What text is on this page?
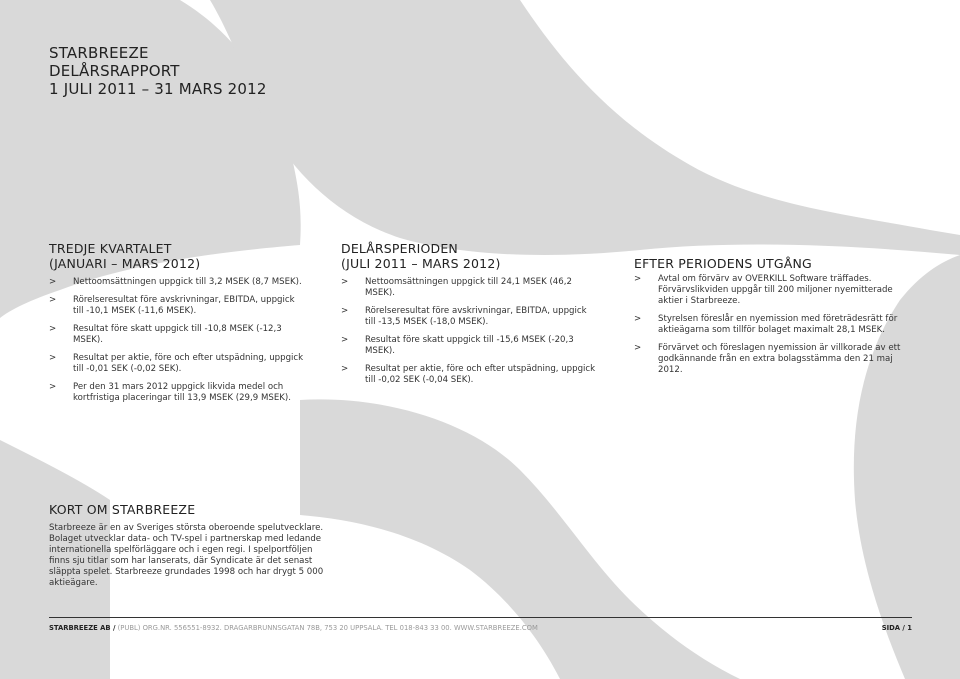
STARBREEZE
DELÅRSRAPPORT
1 JULI 2011 – 31 MARS 2012
TREDJE KVARTALET
(JANUARI – MARS 2012)
> Nettoomsättningen uppgick till 3,2 MSEK (8,7 MSEK).
> Rörelseresultat före avskrivningar, EBITDA, uppgick
till -10,1 MSEK (-11,6 MSEK).
> Resultat före skatt uppgick till -10,8 MSEK (-12,3 MSEK).
> Resultat per aktie, före och efter utspädning, uppgick
till -0,01 SEK (-0,02 SEK).
> Per den 31 mars 2012 uppgick likvida medel och
kortfristiga placeringar till 13,9 MSEK (29,9 MSEK).
DELÅRSPERIODEN
(JULI 2011 – MARS 2012)
> Nettoomsättningen uppgick till 24,1 MSEK (46,2 MSEK).
> Rörelseresultat före avskrivningar, EBITDA, uppgick
till -13,5 MSEK (-18,0 MSEK).
> Resultat före skatt uppgick till -15,6 MSEK (-20,3 MSEK).
> Resultat per aktie, före och efter utspädning, uppgick
till -0,02 SEK (-0,04 SEK).

EFTER PERIODENS UTGÅNG
> Avtal om förvärv av OVERKILL Software träffades.
Förvärvslikviden uppgår till 200 miljoner nyemitterade
aktier i Starbreeze.
> Styrelsen föreslår en nyemission med företrädesrätt för
aktieägarna som tillför bolaget maximalt 28,1 MSEK.
> Förvärvet och föreslagen nyemission är villkorade av ett
godkännande från en extra bolagsstämma den 21 maj
2012.
KORT OM STARBREEZE

Starbreeze är en av Sveriges största oberoende spelutvecklare.
Bolaget utvecklar data- och TV-spel i partnerskap med ledande
internationella spelförläggare och i egen regi. I spelportföljen
finns sju titlar som har lanserats, där Syndicate är det senast
släppta spelet. Starbreeze grundades 1998 och har drygt 5 000
aktieägare.

STARBREEZE AB / (PUBL) ORG.NR. 556551-8932. DRAGARBRUNNSGATAN 78B, 753 20 UPPSALA. TEL 018-843 33 00. WWW.STARBREEZE.COM	SIDA / 1
